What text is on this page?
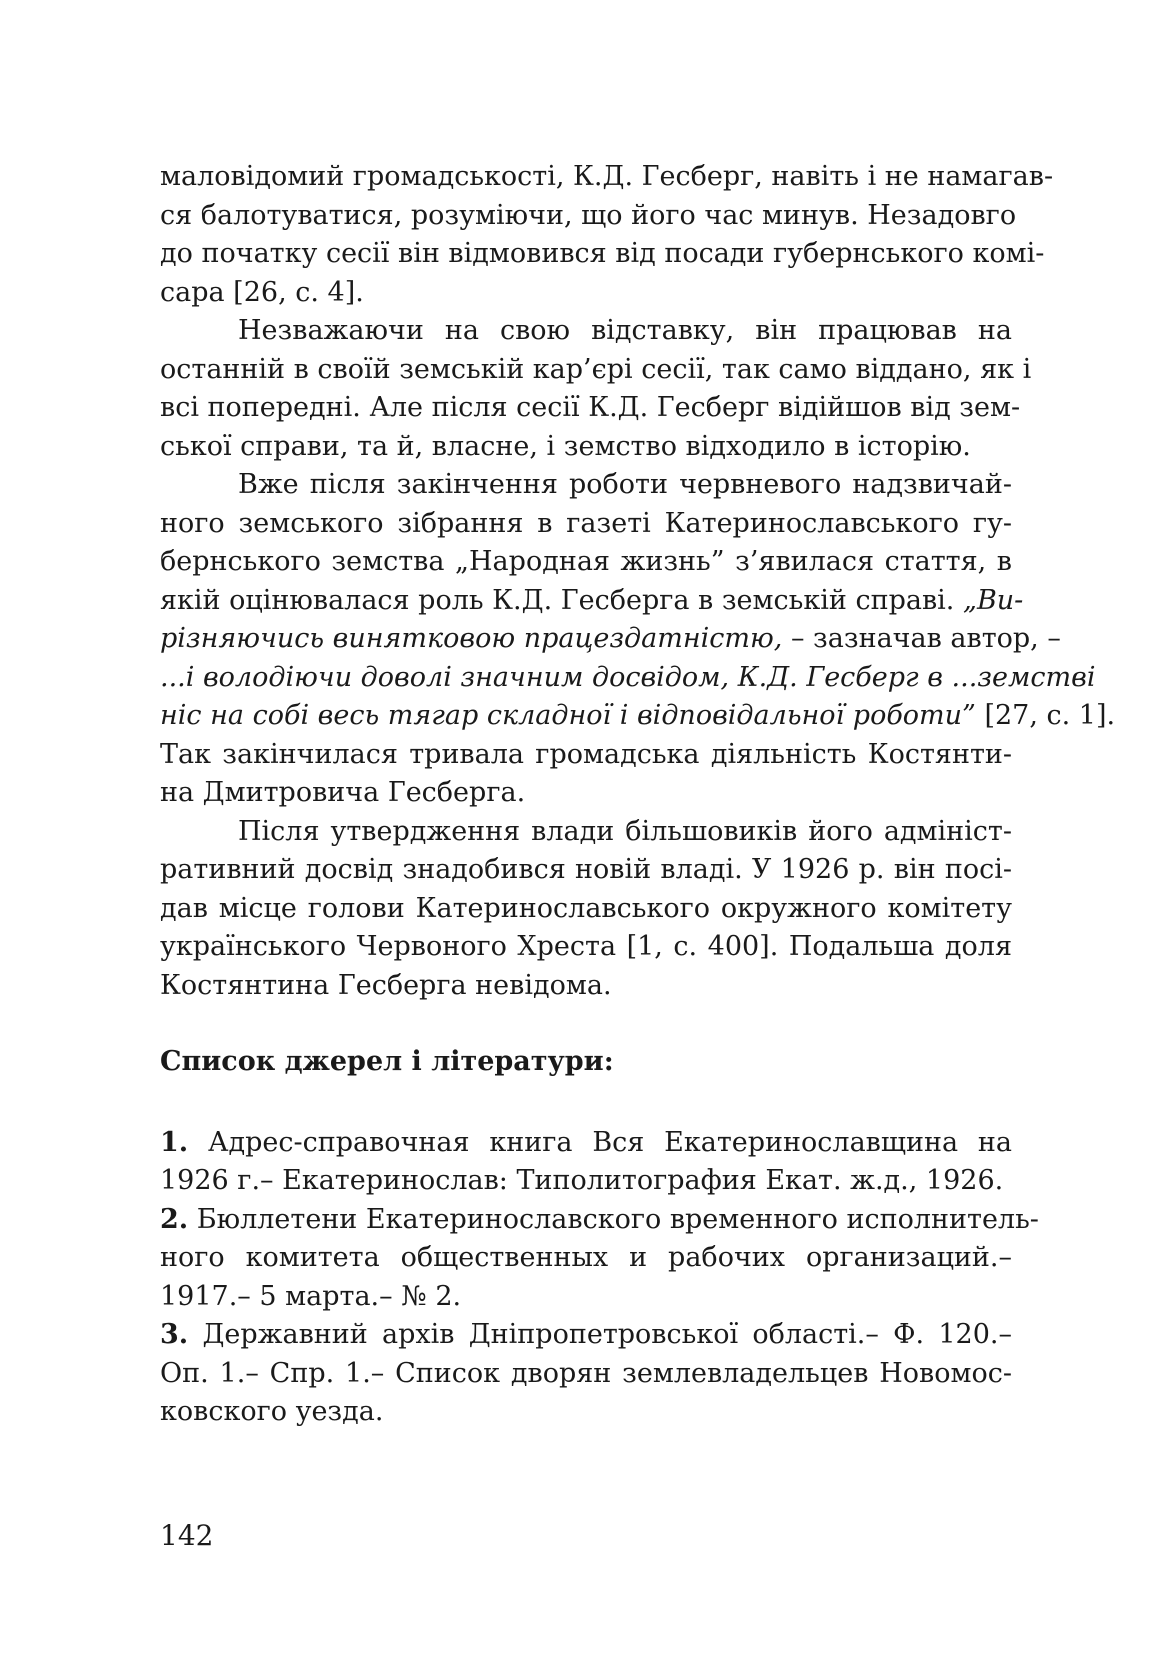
маловідомий громадськості, К.Д. Гесберг, навіть і не намагав-
ся балотуватися, розуміючи, що його час минув. Незадовго
до початку сесії він відмовився від посади губернського комі-
сара [26, с. 4].
Незважаючи на свою відставку, він працював на
останній в своїй земській кар’єрі сесії, так само віддано, як і
всі попередні. Але після сесії К.Д. Гесберг відійшов від зем-
ської справи, та й, власне, і земство відходило в історію.
Вже після закінчення роботи червневого надзвичай-
ного земського зібрання в газеті Катеринославського гу-
бернського земства „Народная жизнь” з’явилася стаття, в
якій оцінювалася роль К.Д. Гесберга в земській справі. „Ви-
різняючись винятковою працездатністю, – зазначав автор, –
...і володіючи доволі значним досвідом, К.Д. Гесберг в ...земстві
ніс на собі весь тягар складної і відповідальної роботи” [27, с. 1].
Так закінчилася тривала громадська діяльність Костянти-
на Дмитровича Гесберга.
Після утвердження влади більшовиків його адмініст-
ративний досвід знадобився новій владі. У 1926 р. він посі-
дав місце голови Катеринославського окружного комітету
українського Червоного Хреста [1, с. 400]. Подальша доля
Костянтина Гесберга невідома.
Список джерел і літератури:
1. Адрес-справочная книга Вся Екатеринославщина на
1926 г.– Екатеринослав: Типолитография Екат. ж.д., 1926.
2. Бюллетени Екатеринославского временного исполнитель-
ного комитета общественных и рабочих организаций.–
1917.– 5 марта.– № 2.
3. Державний архів Дніпропетровської області.– Ф. 120.–
Оп. 1.– Спр. 1.– Список дворян землевладельцев Новомос-
ковского уезда.
142
